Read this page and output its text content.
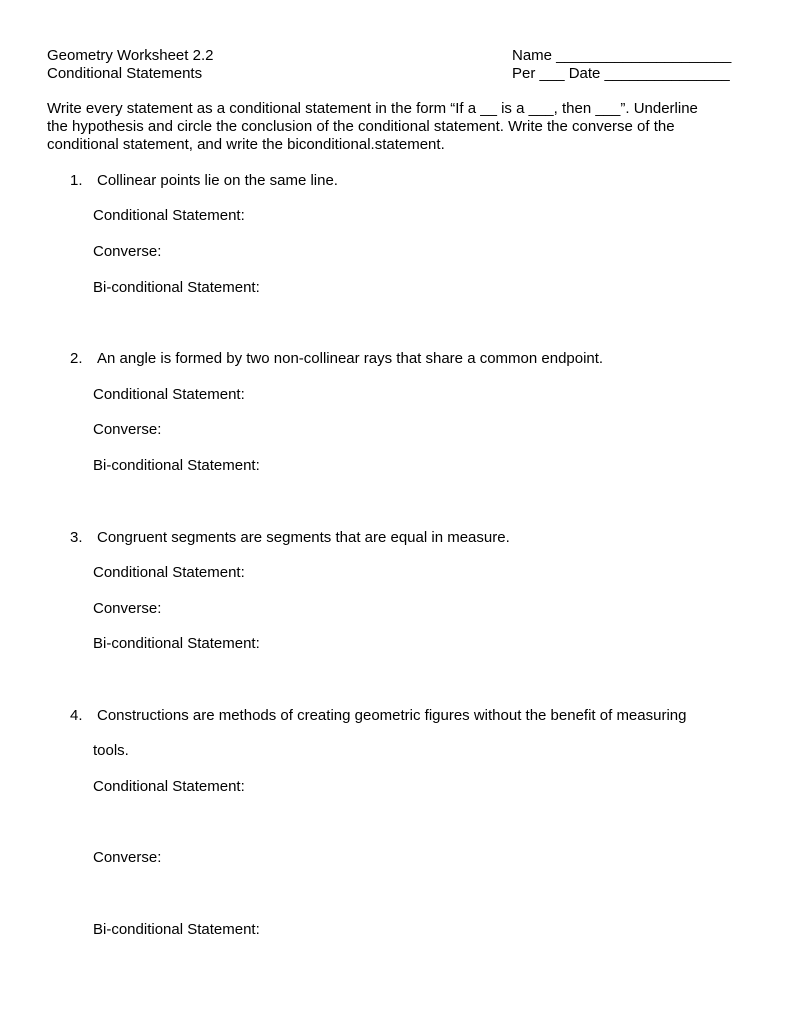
Geometry Worksheet 2.2
Conditional Statements
Name _____________________
Per ___ Date _______________

Write every statement as a conditional statement in the form “If a __ is a ___, then ___”. Underline

the hypothesis and circle the conclusion of the conditional statement. Write the converse of the

conditional statement, and write the biconditional.statement.

1. Collinear points lie on the same line.
Conditional Statement:
Converse:
Bi-conditional Statement:
2. An angle is formed by two non-collinear rays that share a common endpoint.
Conditional Statement:
Converse:
Bi-conditional Statement:
3. Congruent segments are segments that are equal in measure.
Conditional Statement:
Converse:
Bi-conditional Statement:
4. Constructions are methods of creating geometric figures without the benefit of measuring
tools.
Conditional Statement:
Converse:
Bi-conditional Statement:
